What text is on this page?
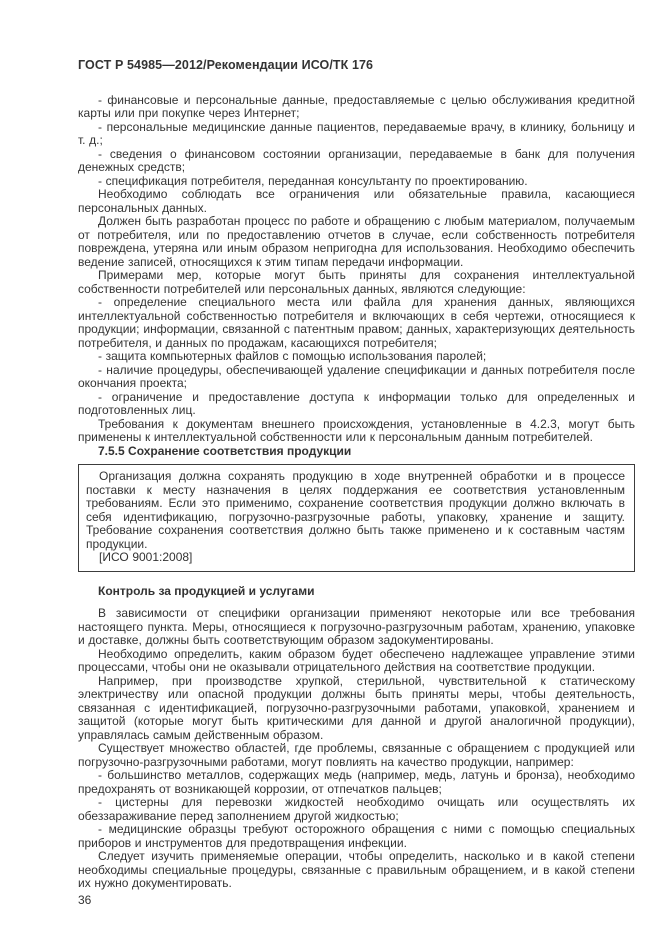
ГОСТ Р 54985—2012/Рекомендации ИСО/ТК 176
- финансовые и персональные данные, предоставляемые с целью обслуживания кредитной карты или при покупке через Интернет;
- персональные медицинские данные пациентов, передаваемые врачу, в клинику, больницу и т. д.;
- сведения о финансовом состоянии организации, передаваемые в банк для получения денежных средств;
- спецификация потребителя, переданная консультанту по проектированию.
Необходимо соблюдать все ограничения или обязательные правила, касающиеся персональных данных.
Должен быть разработан процесс по работе и обращению с любым материалом, получаемым от потребителя, или по предоставлению отчетов в случае, если собственность потребителя повреждена, утеряна или иным образом непригодна для использования. Необходимо обеспечить ведение записей, относящихся к этим типам передачи информации.
Примерами мер, которые могут быть приняты для сохранения интеллектуальной собственности потребителей или персональных данных, являются следующие:
- определение специального места или файла для хранения данных, являющихся интеллектуальной собственностью потребителя и включающих в себя чертежи, относящиеся к продукции; информации, связанной с патентным правом; данных, характеризующих деятельность потребителя, и данных по продажам, касающихся потребителя;
- защита компьютерных файлов с помощью использования паролей;
- наличие процедуры, обеспечивающей удаление спецификации и данных потребителя после окончания проекта;
- ограничение и предоставление доступа к информации только для определенных и подготовленных лиц.
Требования к документам внешнего происхождения, установленные в 4.2.3, могут быть применены к интеллектуальной собственности или к персональным данным потребителей.
7.5.5 Сохранение соответствия продукции
Организация должна сохранять продукцию в ходе внутренней обработки и в процессе поставки к месту назначения в целях поддержания ее соответствия установленным требованиям. Если это применимо, сохранение соответствия продукции должно включать в себя идентификацию, погрузочно-разгрузочные работы, упаковку, хранение и защиту. Требование сохранения соответствия должно быть также применено и к составным частям продукции.
[ИСО 9001:2008]
Контроль за продукцией и услугами
В зависимости от специфики организации применяют некоторые или все требования настоящего пункта. Меры, относящиеся к погрузочно-разгрузочным работам, хранению, упаковке и доставке, должны быть соответствующим образом задокументированы.
Необходимо определить, каким образом будет обеспечено надлежащее управление этими процессами, чтобы они не оказывали отрицательного действия на соответствие продукции.
Например, при производстве хрупкой, стерильной, чувствительной к статическому электричеству или опасной продукции должны быть приняты меры, чтобы деятельность, связанная с идентификацией, погрузочно-разгрузочными работами, упаковкой, хранением и защитой (которые могут быть критическими для данной и другой аналогичной продукции), управлялась самым действенным образом.
Существует множество областей, где проблемы, связанные с обращением с продукцией или погрузочно-разгрузочными работами, могут повлиять на качество продукции, например:
- большинство металлов, содержащих медь (например, медь, латунь и бронза), необходимо предохранять от возникающей коррозии, от отпечатков пальцев;
- цистерны для перевозки жидкостей необходимо очищать или осуществлять их обеззараживание перед заполнением другой жидкостью;
- медицинские образцы требуют осторожного обращения с ними с помощью специальных приборов и инструментов для предотвращения инфекции.
Следует изучить применяемые операции, чтобы определить, насколько и в какой степени необходимы специальные процедуры, связанные с правильным обращением, и в какой степени их нужно документировать.
36
